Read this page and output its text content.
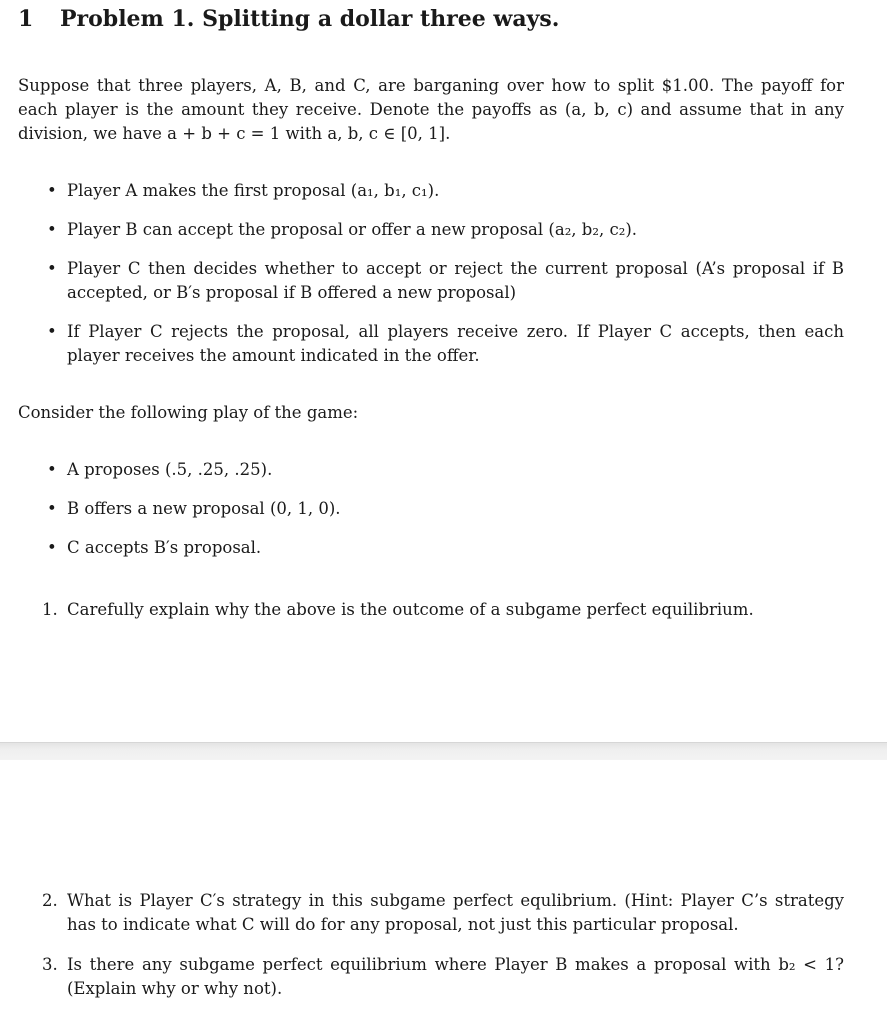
1 Problem 1. Splitting a dollar three ways.
Suppose that three players, A, B, and C, are barganing over how to split $1.00. The payoff for each player is the amount they receive. Denote the payoffs as (a, b, c) and assume that in any division, we have a + b + c = 1 with a, b, c ∈ [0, 1].
• Player A makes the first proposal (a₁, b₁, c₁).
• Player B can accept the proposal or offer a new proposal (a₂, b₂, c₂).
• Player C then decides whether to accept or reject the current proposal (A’s proposal if B accepted, or B′s proposal if B offered a new proposal)
• If Player C rejects the proposal, all players receive zero. If Player C accepts, then each player receives the amount indicated in the offer.
Consider the following play of the game:
• A proposes (.5, .25, .25).
• B offers a new proposal (0, 1, 0).
• C accepts B′s proposal.
1. Carefully explain why the above is the outcome of a subgame perfect equilibrium.
2. What is Player C′s strategy in this subgame perfect equlibrium. (Hint: Player C’s strategy has to indicate what C will do for any proposal, not just this particular proposal.
3. Is there any subgame perfect equilibrium where Player B makes a proposal with b₂ < 1? (Explain why or why not).
